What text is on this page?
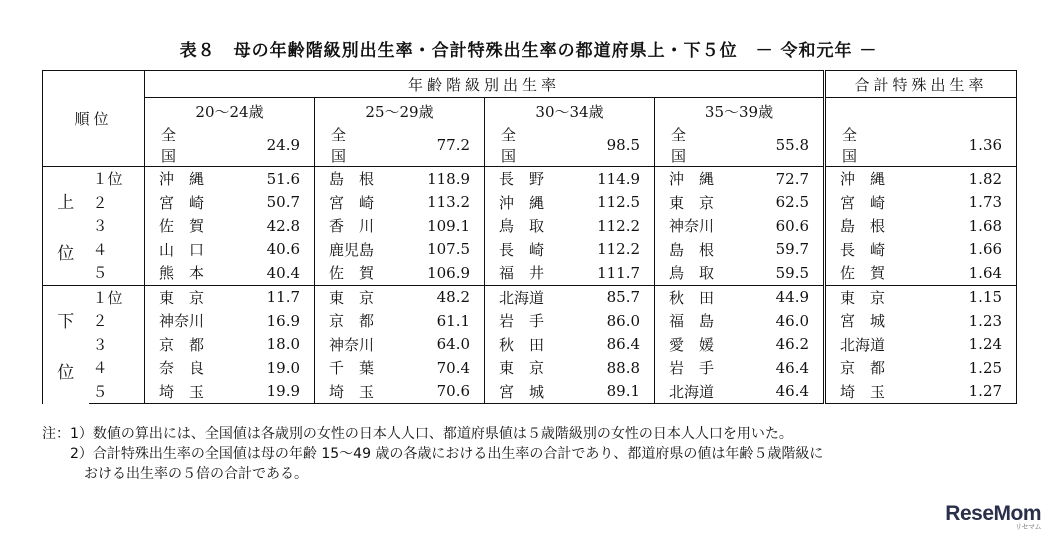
表８　母の年齢階級別出生率・合計特殊出生率の都道府県上・下５位　－ 令和元年 －
順位		年齢階級別出生率								合計特殊出生率	
		20～24歳		25～29歳		30～34歳		35～39歳			
		全　国	24.9	全　国	77.2	全　国	98.5	全　国	55.8	全　国	1.36

上
位	１位	沖　縄	51.6	島　根	118.9	長　野	114.9	沖　縄	72.7	沖　縄	1.82
	２	宮　崎	50.7	宮　崎	113.2	沖　縄	112.5	東　京	62.5	宮　崎	1.73
	３	佐　賀	42.8	香　川	109.1	鳥　取	112.2	神奈川	60.6	島　根	1.68
	４	山　口	40.6	鹿児島	107.5	長　崎	112.2	島　根	59.7	長　崎	1.66
	５	熊　本	40.4	佐　賀	106.9	福　井	111.7	鳥　取	59.5	佐　賀	1.64

下
位	１位	東　京	11.7	東　京	48.2	北海道	85.7	秋　田	44.9	東　京	1.15
	２	神奈川	16.9	京　都	61.1	岩　手	86.0	福　島	46.0	宮　城	1.23
	３	京　都	18.0	神奈川	64.0	秋　田	86.4	愛　媛	46.2	北海道	1.24
	４	奈　良	19.0	千　葉	70.4	東　京	88.8	岩　手	46.4	京　都	1.25
	５	埼　玉	19.9	埼　玉	70.6	宮　城	89.1	北海道	46.4	埼　玉	1.27
注：1）数値の算出には、全国値は各歳別の女性の日本人人口、都道府県値は５歳階級別の女性の日本人人口を用いた。
　　2）合計特殊出生率の全国値は母の年齢 15～49 歳の各歳における出生率の合計であり、都道府県の値は年齢５歳階級に
　　　おける出生率の５倍の合計である。
ReseMom
リセマム
